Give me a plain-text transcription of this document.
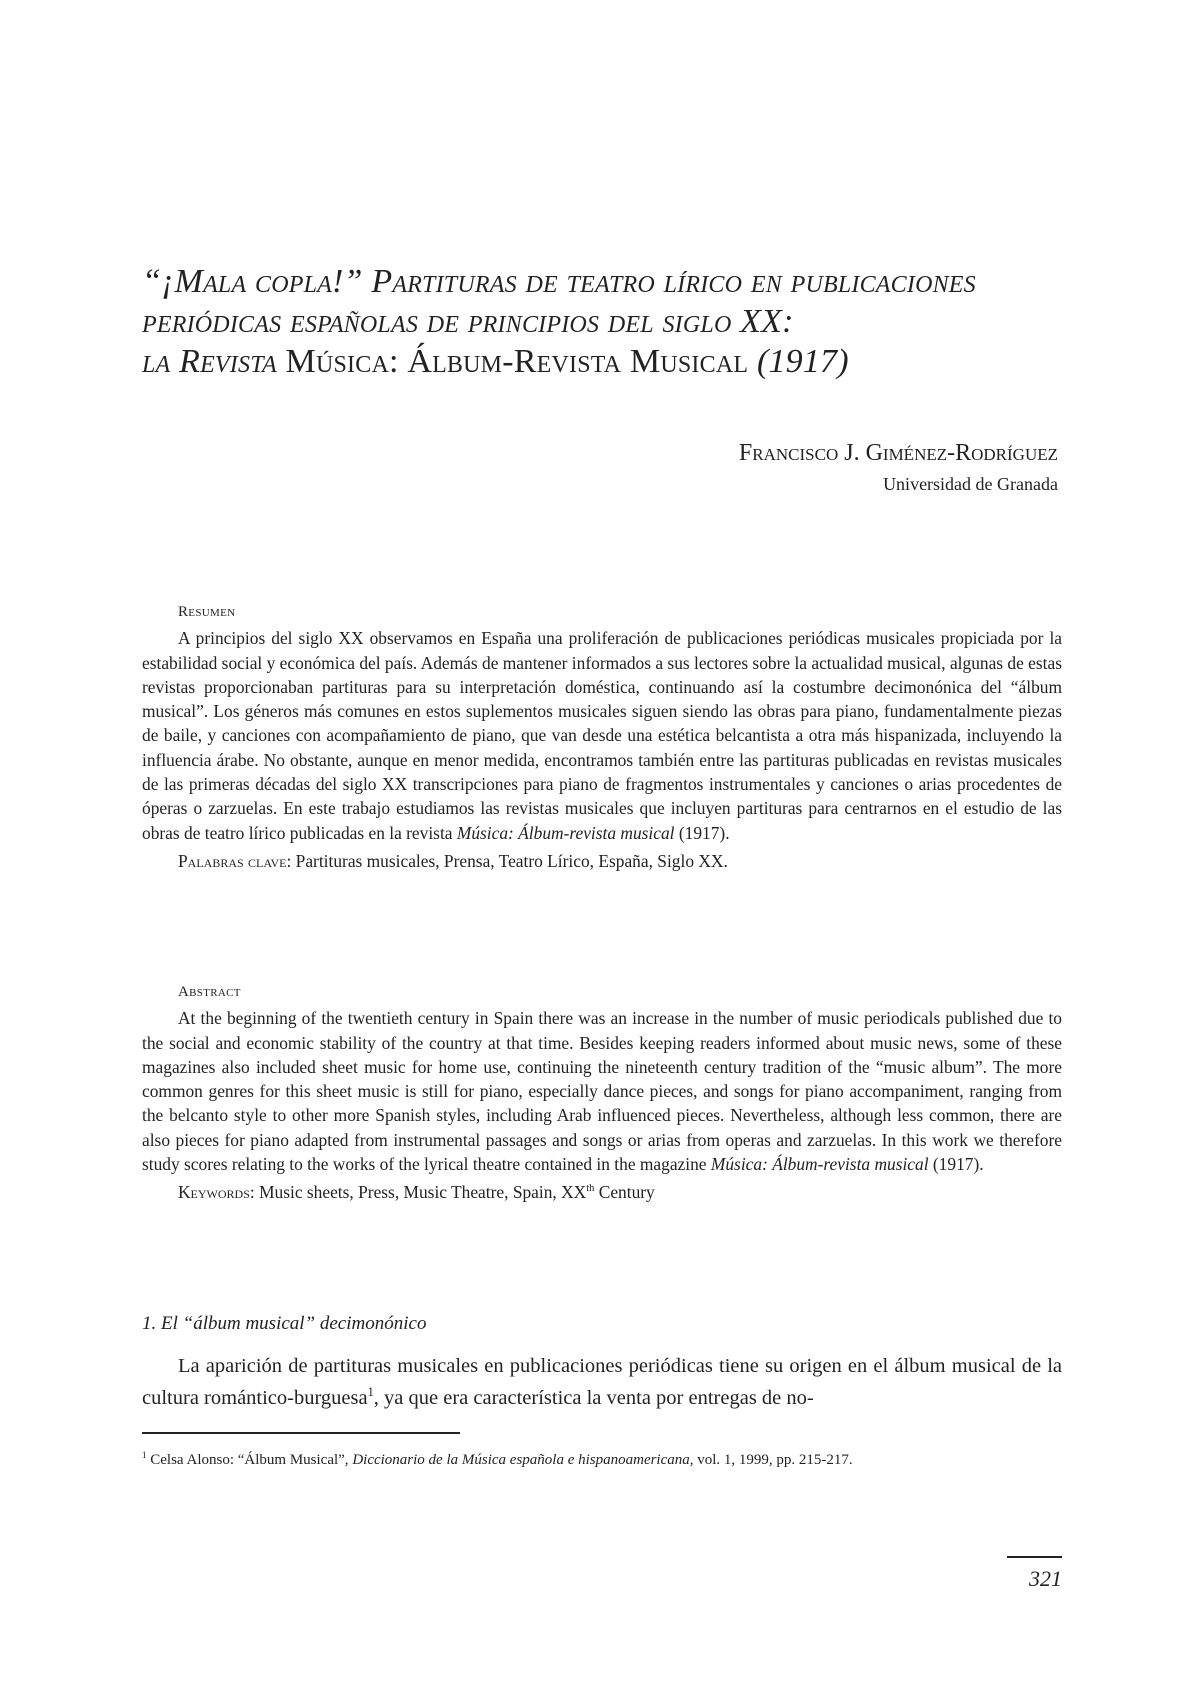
“¡Mala copla!” Partituras de teatro lírico en publicaciones
periódicas españolas de principios del siglo XX:
la Revista Música: Álbum-Revista Musical (1917)
Francisco J. Giménez-Rodríguez
Universidad de Granada
Resumen

A principios del siglo XX observamos en España una proliferación de publicaciones periódicas musicales propiciada por la estabilidad social y económica del país. Además de mantener informados a sus lectores sobre la actualidad musical, algunas de estas revistas proporcionaban partituras para su interpretación doméstica, continuando así la costumbre decimonónica del “álbum musical”. Los géneros más comunes en estos suplementos musicales siguen siendo las obras para piano, fundamentalmente piezas de baile, y canciones con acompañamiento de piano, que van desde una estética belcantista a otra más hispanizada, incluyendo la influencia árabe. No obstante, aunque en menor medida, encontramos también entre las partituras publicadas en revistas musicales de las primeras décadas del siglo XX transcripciones para piano de fragmentos instrumentales y canciones o arias procedentes de óperas o zarzuelas. En este trabajo estudiamos las revistas musicales que incluyen partituras para centrarnos en el estudio de las obras de teatro lírico publicadas en la revista Música: Álbum-revista musical (1917).

Palabras clave: Partituras musicales, Prensa, Teatro Lírico, España, Siglo XX.
Abstract

At the beginning of the twentieth century in Spain there was an increase in the number of music periodicals published due to the social and economic stability of the country at that time. Besides keeping readers informed about music news, some of these magazines also included sheet music for home use, continuing the nineteenth century tradition of the “music album”. The more common genres for this sheet music is still for piano, especially dance pieces, and songs for piano accompaniment, ranging from the belcanto style to other more Spanish styles, including Arab influenced pieces. Nevertheless, although less common, there are also pieces for piano adapted from instrumental passages and songs or arias from operas and zarzuelas. In this work we therefore study scores relating to the works of the lyrical theatre contained in the magazine Música: Álbum-revista musical (1917).

Keywords: Music sheets, Press, Music Theatre, Spain, XXth Century
1. El “álbum musical” decimonónico

La aparición de partituras musicales en publicaciones periódicas tiene su origen en el álbum musical de la cultura romántico-burguesa$^1$, ya que era característica la venta por entregas de no-

$^1$ Celsa Alonso: “Álbum Musical”, Diccionario de la Música española e hispanoamericana, vol. 1, 1999, pp. 215-217.
321
